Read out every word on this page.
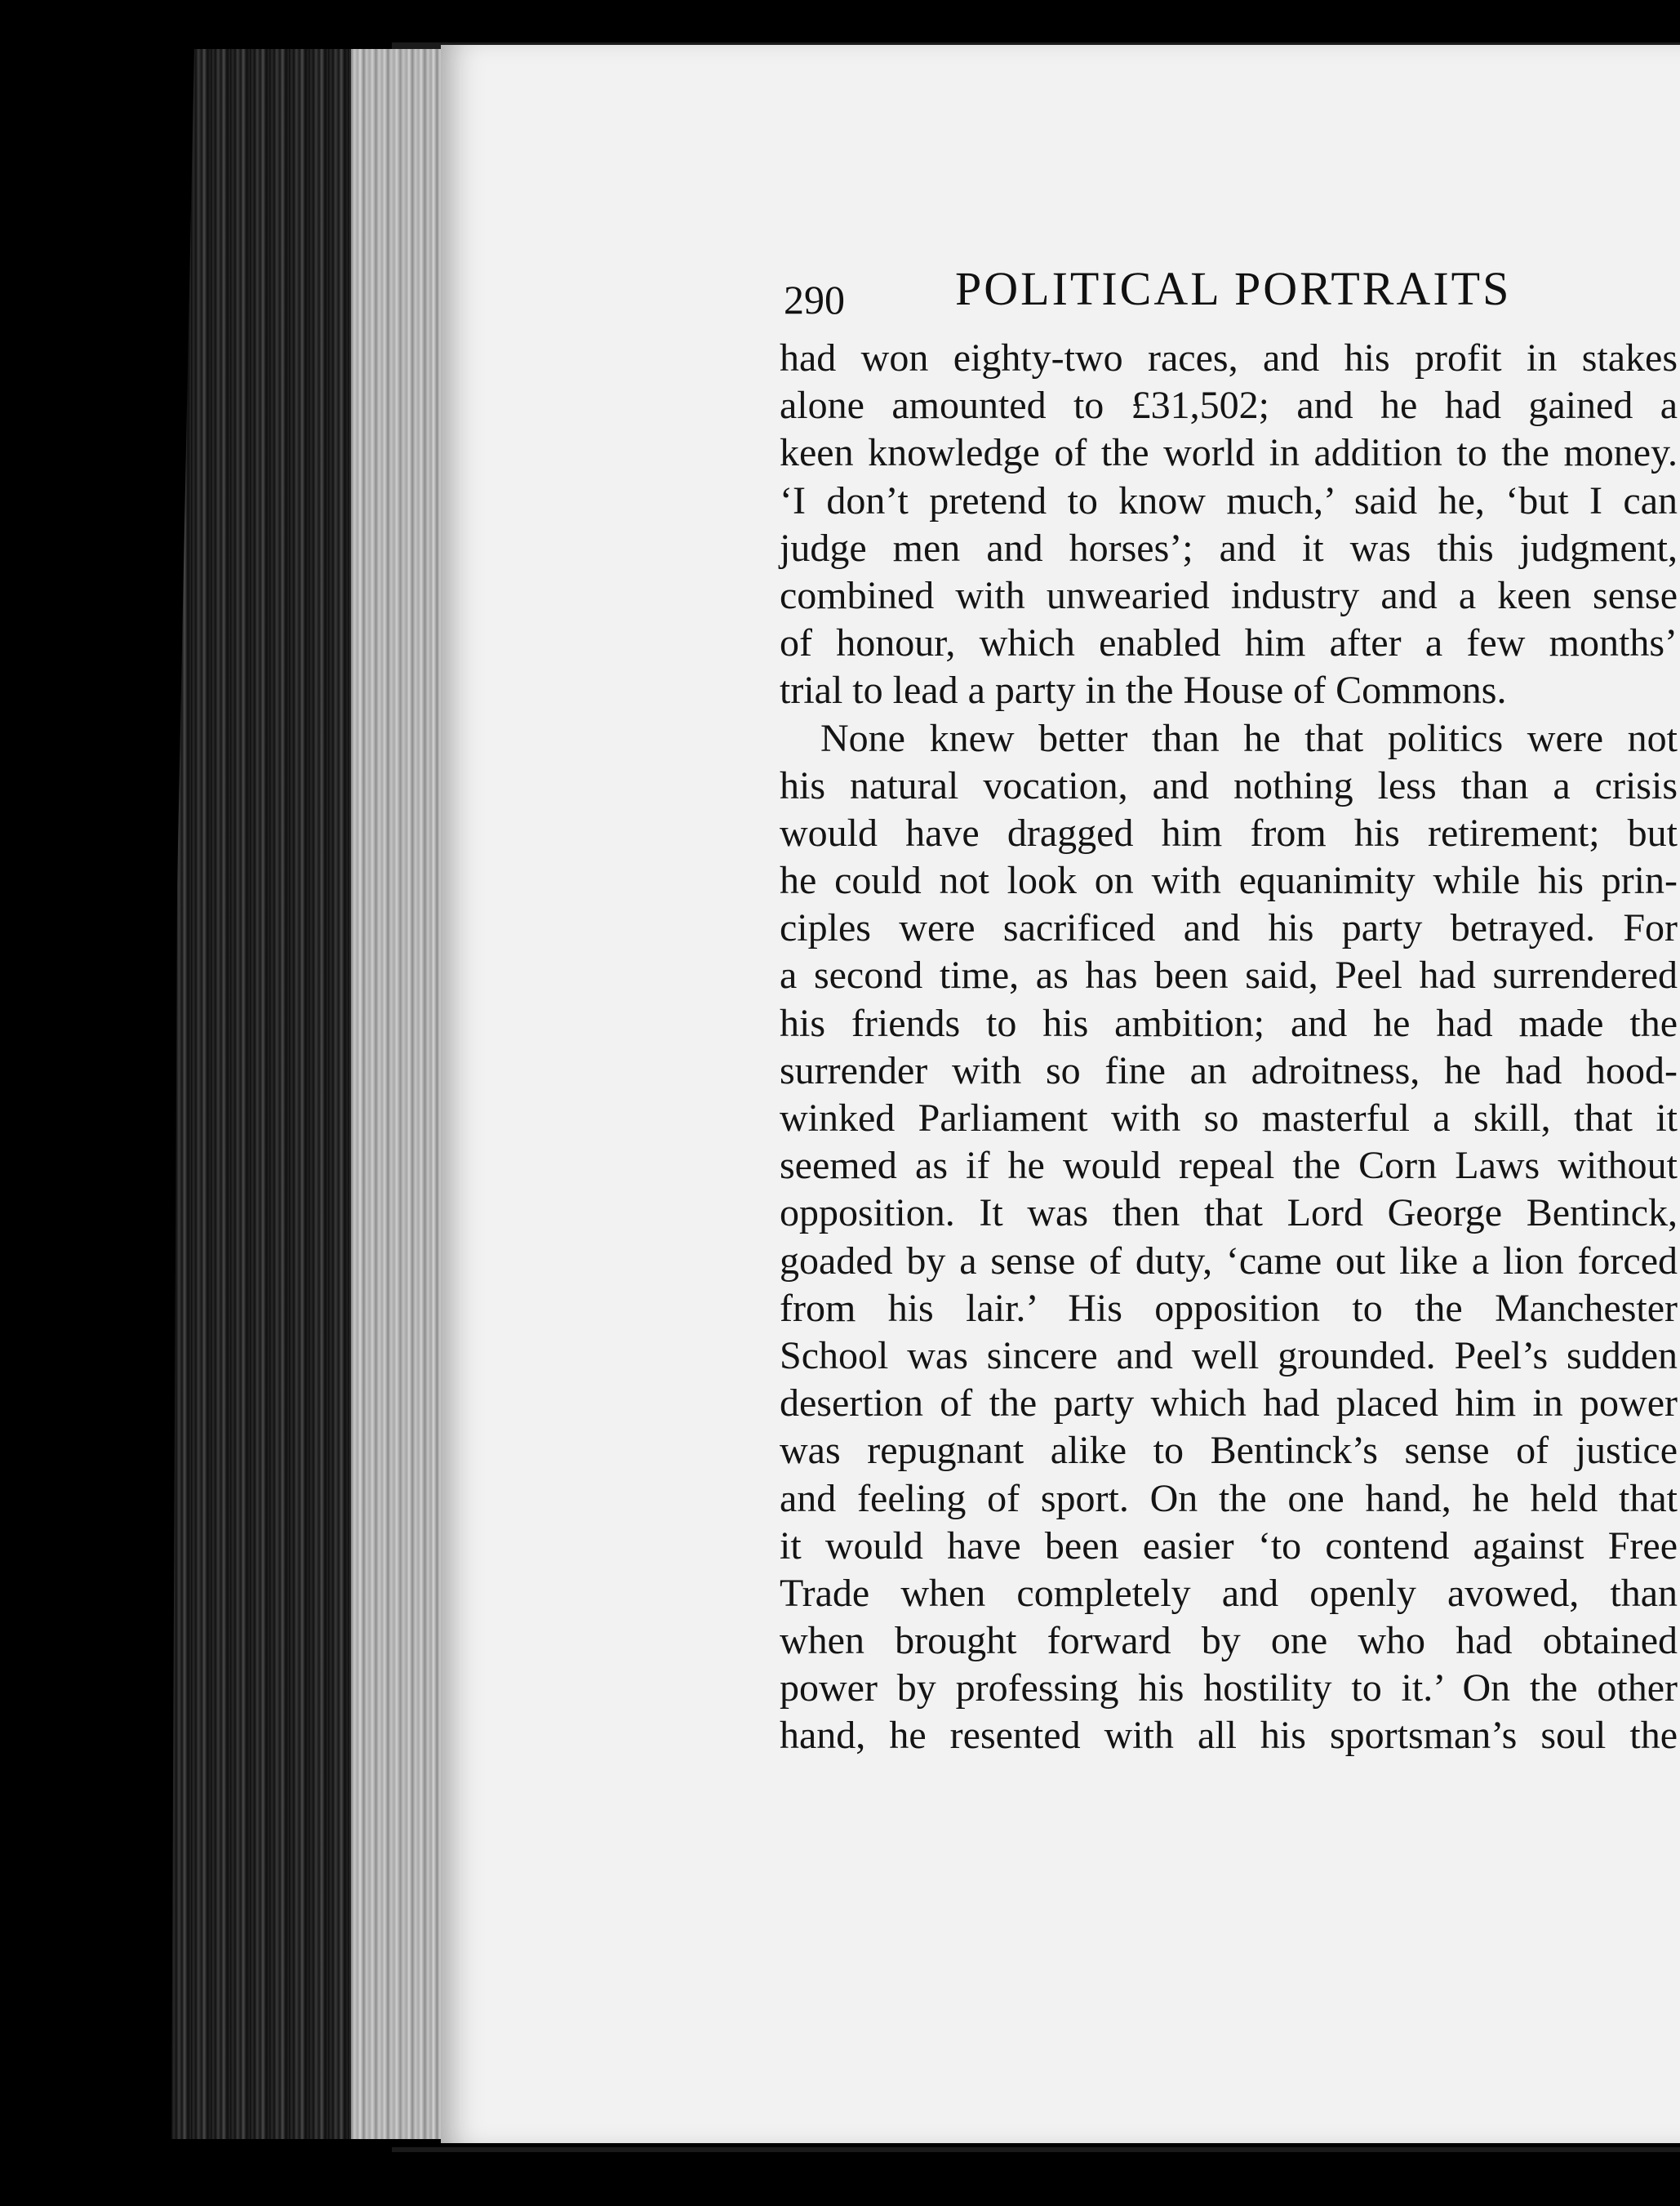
290 POLITICAL PORTRAITS
had won eighty-two races, and his profit in stakes
alone amounted to £31,502; and he had gained a
keen knowledge of the world in addition to the money.
‘I don’t pretend to know much,’ said he, ‘but I can
judge men and horses’; and it was this judgment,
combined with unwearied industry and a keen sense
of honour, which enabled him after a few months’
trial to lead a party in the House of Commons.
None knew better than he that politics were not
his natural vocation, and nothing less than a crisis
would have dragged him from his retirement; but
he could not look on with equanimity while his prin-
ciples were sacrificed and his party betrayed. For
a second time, as has been said, Peel had surrendered
his friends to his ambition; and he had made the
surrender with so fine an adroitness, he had hood-
winked Parliament with so masterful a skill, that it
seemed as if he would repeal the Corn Laws without
opposition. It was then that Lord George Bentinck,
goaded by a sense of duty, ‘came out like a lion forced
from his lair.’ His opposition to the Manchester
School was sincere and well grounded. Peel’s sudden
desertion of the party which had placed him in power
was repugnant alike to Bentinck’s sense of justice
and feeling of sport. On the one hand, he held that
it would have been easier ‘to contend against Free
Trade when completely and openly avowed, than
when brought forward by one who had obtained
power by professing his hostility to it.’ On the other
hand, he resented with all his sportsman’s soul the
